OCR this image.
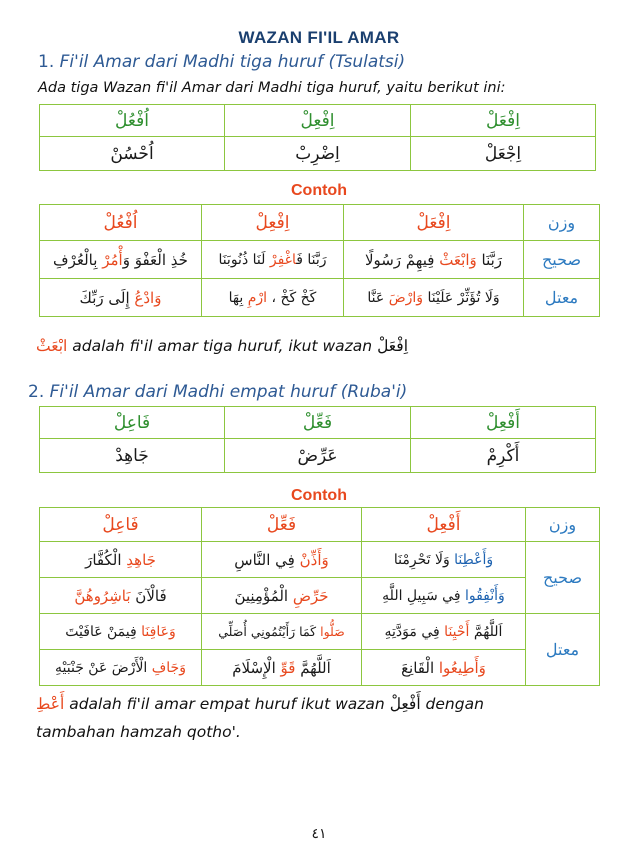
WAZAN FI'IL AMAR
1. Fi'il Amar dari Madhi tiga huruf (Tsulatsi)
Ada tiga Wazan fi'il Amar dari Madhi tiga huruf, yaitu berikut ini:
اُفْعُلْ	اِفْعِلْ	اِفْعَلْ
اُحْسُنْ	اِضْرِبْ	اِجْعَلْ
Contoh
اُفْعُلْ	اِفْعِلْ	اِفْعَلْ	وزن
خُذِ الْعَفْوَ وَأْمُرْ بِالْعُرْفِ	رَبَّنَا فَاغْفِرْ لَنَا ذُنُوبَنَا	رَبَّنَا وَابْعَثْ فِيهِمْ رَسُولًا	صحيح
وَادْعُ إِلَى رَبِّكَ	كَخْ كَخْ ، ارْمِ بِهَا	وَلَا تُؤَثِّرْ عَلَيْنَا وَارْضَ عَنَّا	معتل
ابْعَثْ adalah fi'il amar tiga huruf, ikut wazan اِفْعَلْ
2. Fi'il Amar dari Madhi empat huruf (Ruba'i)
فَاعِلْ	فَعِّلْ	أَفْعِلْ
جَاهِدْ	عَرِّضْ	أَكْرِمْ
Contoh
فَاعِلْ	فَعِّلْ	أَفْعِلْ	وزن
جَاهِدِ الْكُفَّارَ	وَأَذِّنْ فِي النَّاسِ	وَأَعْطِنَا وَلَا تَحْرِمْنَا	صحيح
فَالْآنَ بَاشِرُوهُنَّ	حَرِّضِ الْمُؤْمِنِينَ	وَأَنْفِقُوا فِي سَبِيلِ اللَّهِ	
وَعَافِنَا فِيمَنْ عَافَيْتَ	صَلُّوا كَمَا رَأَيْتُمُونِي أُصَلِّي	اَللَّهُمَّ أَحْيِنَا فِي مَوَدَّتِهِ	معتل
وَجَافِ الْأَرْضَ عَنْ جَنْبَيْهِ	اَللَّهُمَّ قَوِّ الْإِسْلَامَ	وَأَطِيعُوا الْقَانِعَ	
أَعْطِ adalah fi'il amar empat huruf ikut wazan أَفْعِلْ dengan
tambahan hamzah qotho'.
٤١
